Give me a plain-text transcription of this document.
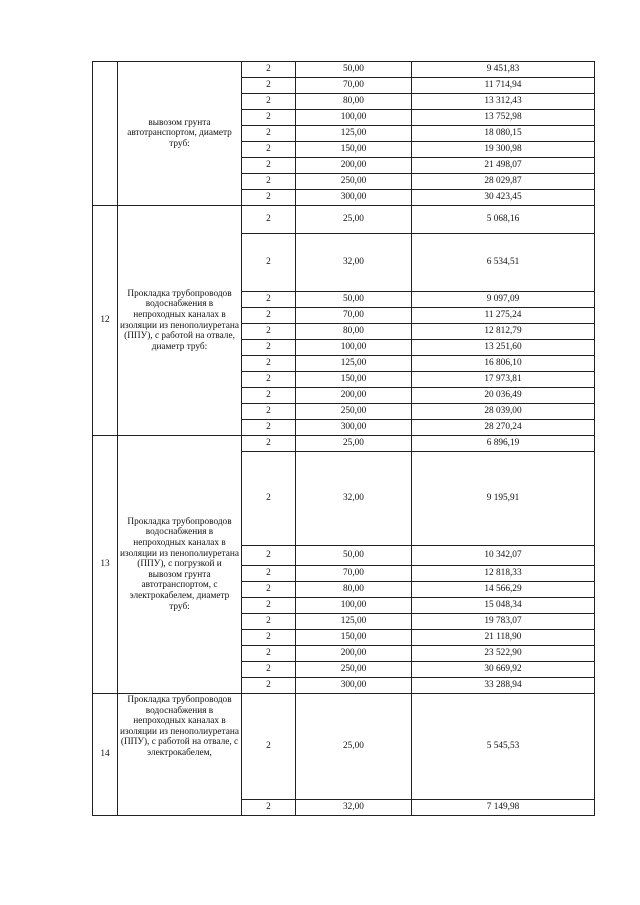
	вывозом грунта автотранспортом, диаметр труб:	2	50,00	9 451,83
		2	70,00	11 714,94
		2	80,00	13 312,43
		2	100,00	13 752,98
		2	125,00	18 080,15
		2	150,00	19 300,98
		2	200,00	21 498,07
		2	250,00	28 029,87
		2	300,00	30 423,45
12	Прокладка трубопроводов водоснабжения в непроходных каналах в изоляции из пенополиуретана (ППУ), с работой на отвале, диаметр труб:	2	25,00	5 068,16
		2	32,00	6 534,51
		2	50,00	9 097,09
		2	70,00	11 275,24
		2	80,00	12 812,79
		2	100,00	13 251,60
		2	125,00	16 806,10
		2	150,00	17 973,81
		2	200,00	20 036,49
		2	250,00	28 039,00
		2	300,00	28 270,24
13	Прокладка трубопроводов водоснабжения в непроходных каналах в изоляции из пенополиуретана (ППУ), с погрузкой и вывозом грунта автотранспортом, с электрокабелем, диаметр труб:	2	25,00	6 896,19
		2	32,00	9 195,91
		2	50,00	10 342,07
		2	70,00	12 818,33
		2	80,00	14 566,29
		2	100,00	15 048,34
		2	125,00	19 783,07
		2	150,00	21 118,90
		2	200,00	23 522,90
		2	250,00	30 669,92
		2	300,00	33 288,94
14	Прокладка трубопроводов водоснабжения в непроходных каналах в изоляции из пенополиуретана (ППУ), с работой на отвале, с электрокабелем,	2	25,00	5 545,53
		2	32,00	7 149,98
